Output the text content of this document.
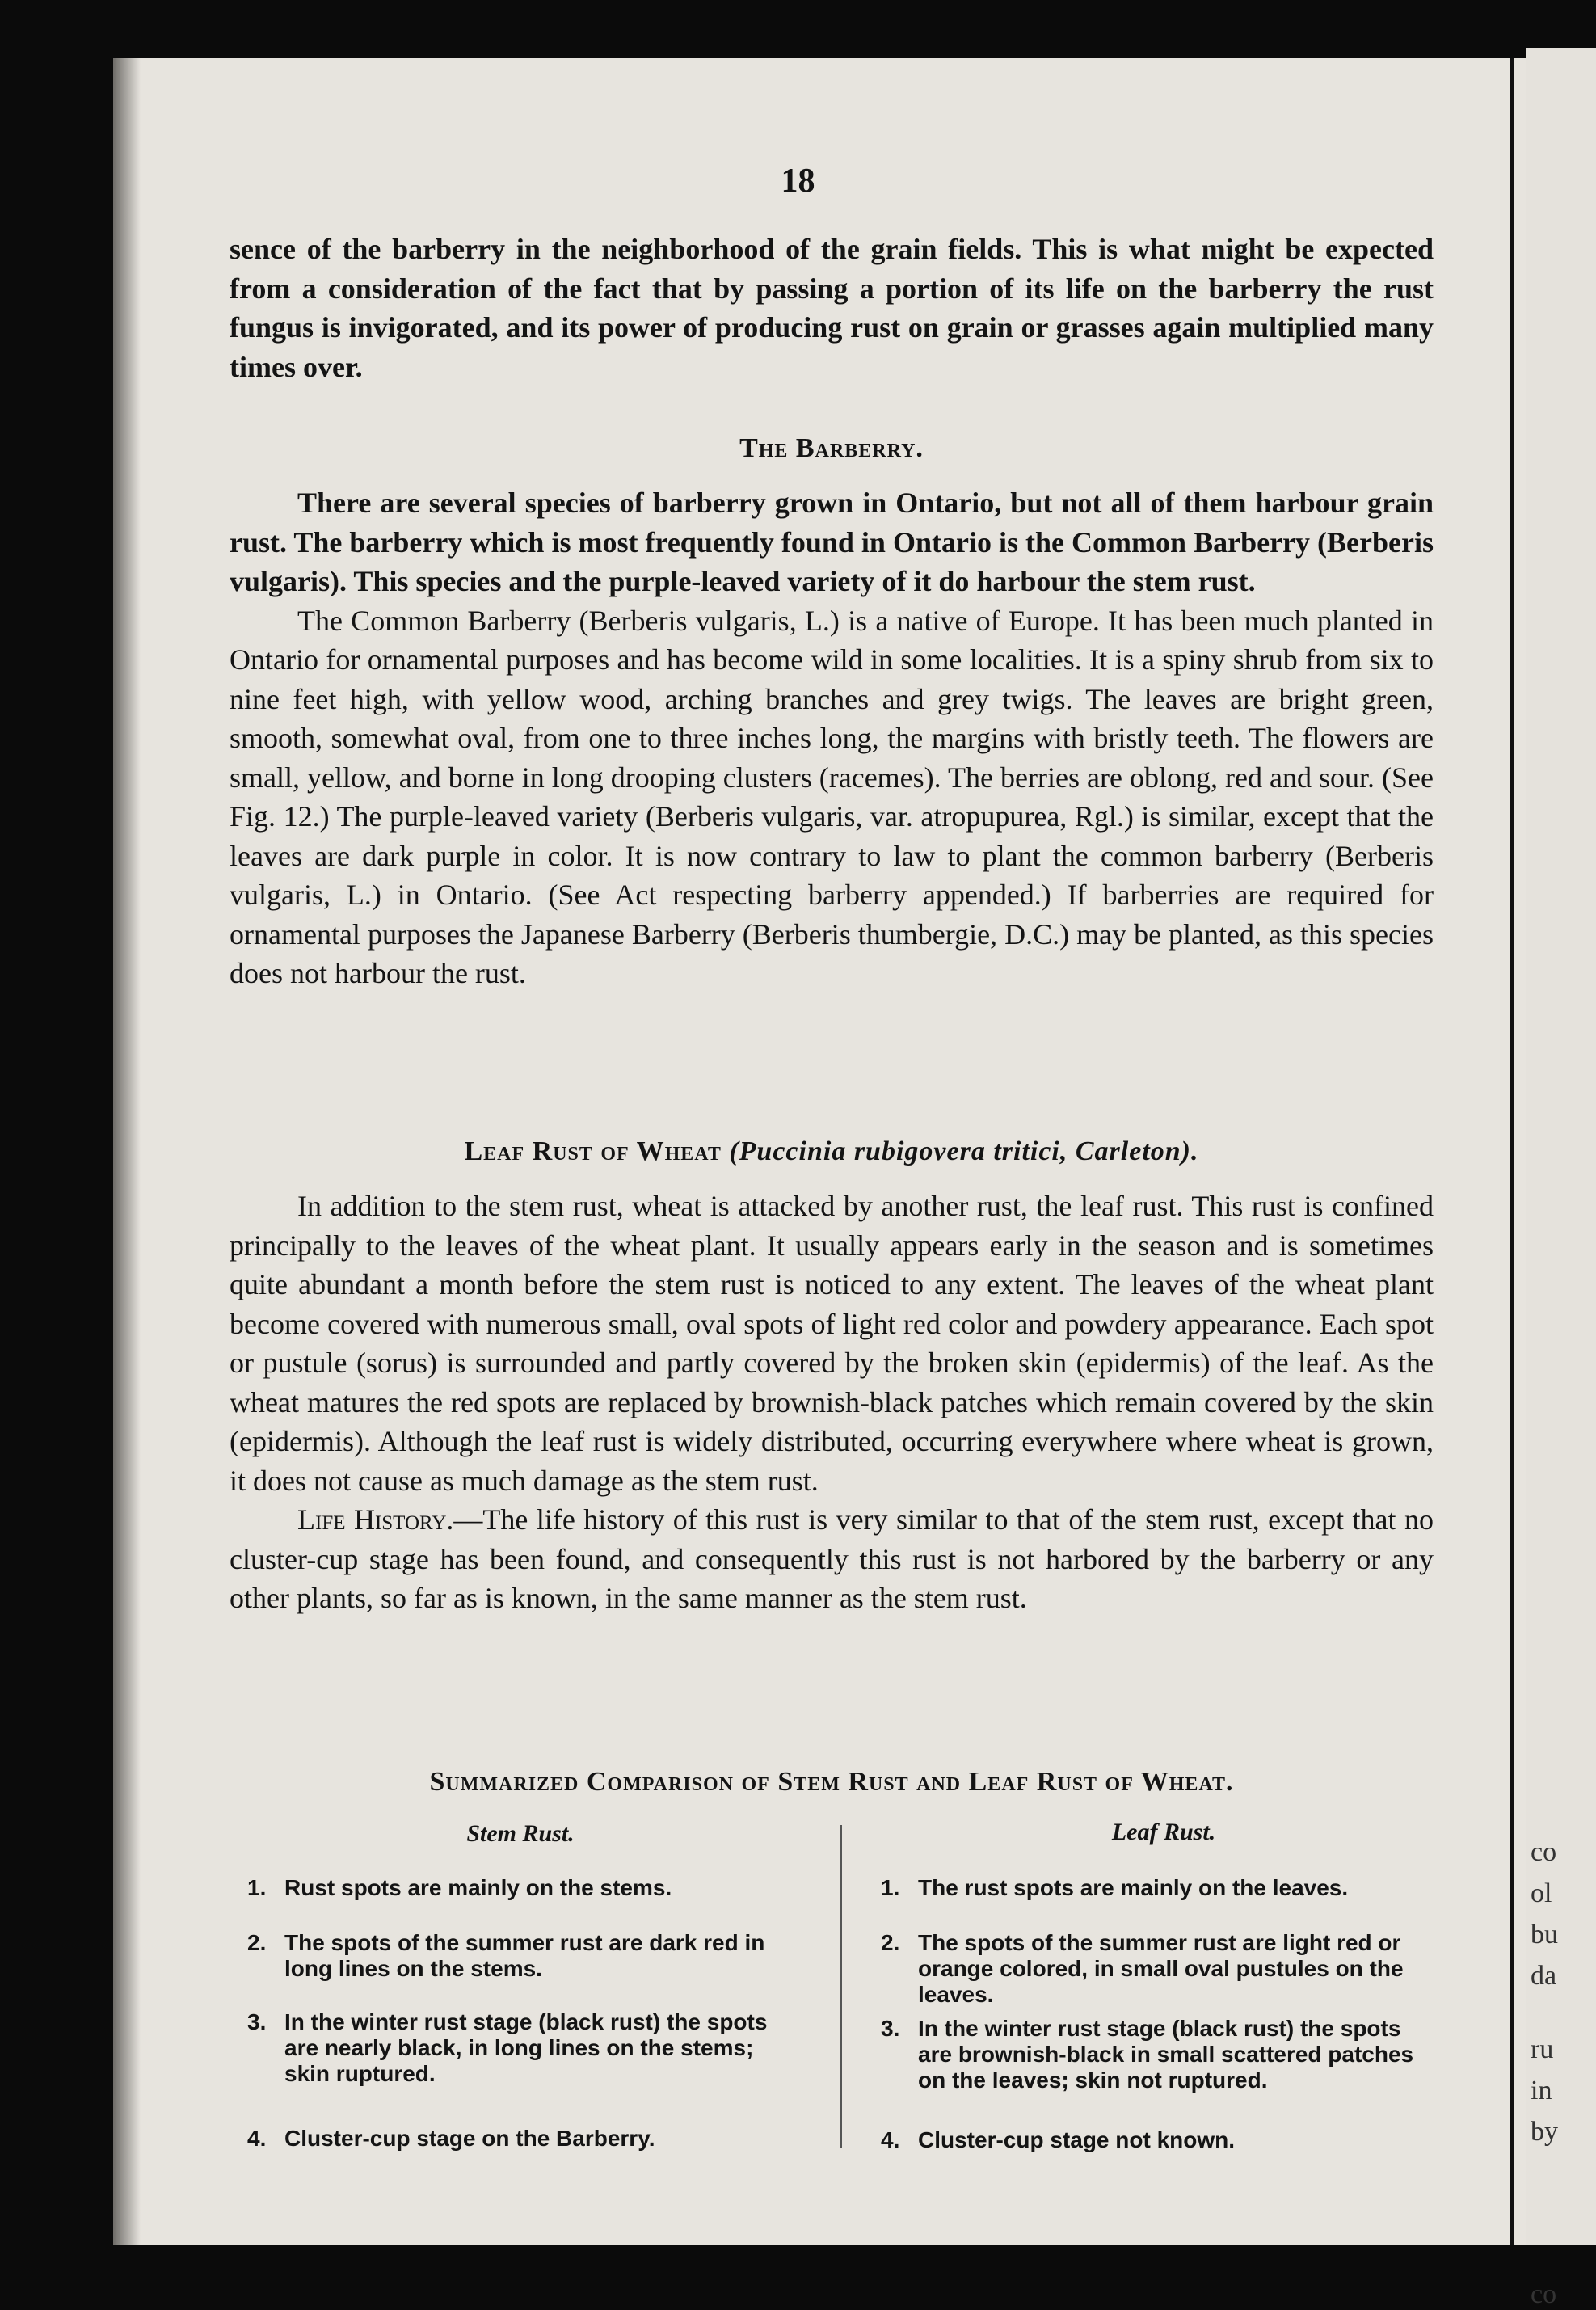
co
co
ol
bu
da
ru
in
by
18

sence of the barberry in the neighborhood of the grain fields. This is what might be expected from a consideration of the fact that by passing a portion of its life on the barberry the rust fungus is invigorated, and its power of producing rust on grain or grasses again multiplied many times over.

The Barberry.

There are several species of barberry grown in Ontario, but not all of them harbour grain rust. The barberry which is most frequently found in Ontario is the Common Barberry (Berberis vulgaris). This species and the purple-leaved variety of it do harbour the stem rust.

The Common Barberry (Berberis vulgaris, L.) is a native of Europe. It has been much planted in Ontario for ornamental purposes and has become wild in some localities. It is a spiny shrub from six to nine feet high, with yellow wood, arching branches and grey twigs. The leaves are bright green, smooth, somewhat oval, from one to three inches long, the margins with bristly teeth. The flowers are small, yellow, and borne in long drooping clusters (racemes). The berries are oblong, red and sour. (See Fig. 12.) The purple-leaved variety (Berberis vulgaris, var. atropupurea, Rgl.) is similar, except that the leaves are dark purple in color. It is now contrary to law to plant the common barberry (Berberis vulgaris, L.) in Ontario. (See Act respecting barberry appended.) If barberries are required for ornamental purposes the Japanese Barberry (Berberis thumbergie, D.C.) may be planted, as this species does not harbour the rust.

Leaf Rust of Wheat (Puccinia rubigovera tritici, Carleton).

In addition to the stem rust, wheat is attacked by another rust, the leaf rust. This rust is confined principally to the leaves of the wheat plant. It usually appears early in the season and is sometimes quite abundant a month before the stem rust is noticed to any extent. The leaves of the wheat plant become covered with numerous small, oval spots of light red color and powdery appearance. Each spot or pustule (sorus) is surrounded and partly covered by the broken skin (epidermis) of the leaf. As the wheat matures the red spots are replaced by brownish-black patches which remain covered by the skin (epidermis). Although the leaf rust is widely distributed, occurring everywhere where wheat is grown, it does not cause as much damage as the stem rust.

Life History.—The life history of this rust is very similar to that of the stem rust, except that no cluster-cup stage has been found, and consequently this rust is not harbored by the barberry or any other plants, so far as is known, in the same manner as the stem rust.

Summarized Comparison of Stem Rust and Leaf Rust of Wheat.
Stem Rust.	Leaf Rust.
1. Rust spots are mainly on the stems.
2. The spots of the summer rust are dark red in long lines on the stems.
3. In the winter rust stage (black rust) the spots are nearly black, in long lines on the stems; skin ruptured.
4. Cluster-cup stage on the Barberry.
1. The rust spots are mainly on the leaves.
2. The spots of the summer rust are light red or orange colored, in small oval pustules on the leaves.
3. In the winter rust stage (black rust) the spots are brownish-black in small scattered patches on the leaves; skin not ruptured.
4. Cluster-cup stage not known.
